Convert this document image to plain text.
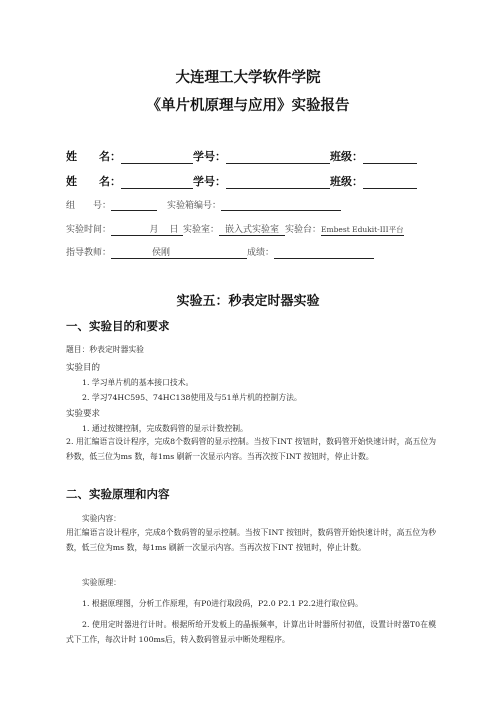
大连理工大学软件学院
《单片机原理与应用》实验报告
姓　　名：	学号：	班级：
姓　　名：	学号：	班级：
组　　号：	实验箱编号：
实验时间：	月 日 实验室： 嵌入式实验室 实验台：Embest Edukit-III平台
指导教师：	侯刚	成绩：
实验五：秒表定时器实验
一、实验目的和要求
题目：秒表定时器实验
实验目的
1. 学习单片机的基本接口技术。
2. 学习74HC595、74HC138使用及与51单片机的控制方法。
实验要求
1. 通过按键控制，完成数码管的显示计数控制。
2. 用汇编语言设计程序，完成8个数码管的显示控制。当按下INT 按钮时，数码管开始快速计时，高五位为秒数，低三位为ms 数，每1ms 刷新一次显示内容。当再次按下INT 按钮时，停止计数。
二、实验原理和内容
实验内容：
用汇编语言设计程序，完成8个数码管的显示控制。当按下INT 按钮时，数码管开始快速计时，高五位为秒数，低三位为ms 数，每1ms 刷新一次显示内容。当再次按下INT 按钮时，停止计数。
实验原理：
1. 根据原理图，分析工作原理，有P0进行取段码，P2.0 P2.1 P2.2进行取位码。
2. 使用定时器进行计时。根据所给开发板上的晶振频率，计算出计时器所付初值，设置计时器T0在模式下工作，每次计时 100ms后，转入数码管显示中断处理程序。
